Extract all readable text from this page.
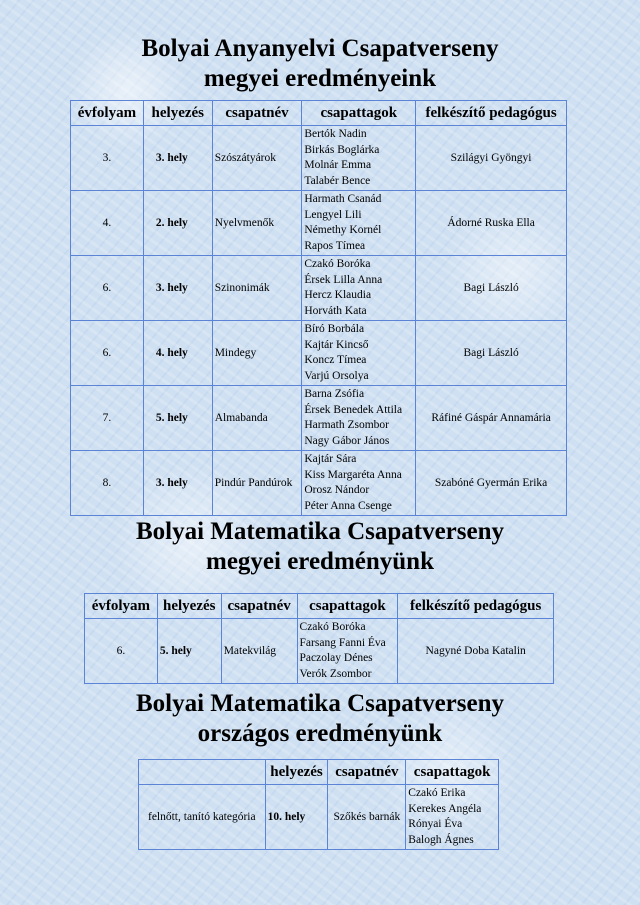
Bolyai Anyanyelvi Csapatverseny
megyei eredményeink
évfolyam	helyezés	csapatnév	csapattagok	felkészítő pedagógus
3.	3. hely	Szószátyárok	Bertók Nadin
Birkás Boglárka
Molnár Emma
Talabér Bence	Szilágyi Gyöngyi
4.	2. hely	Nyelvmenők	Harmath Csanád
Lengyel Lili
Némethy Kornél
Rapos Tímea	Ádorné Ruska Ella
6.	3. hely	Szinonimák	Czakó Boróka
Érsek Lilla Anna
Hercz Klaudia
Horváth Kata	Bagi László
6.	4. hely	Mindegy	Bíró Borbála
Kajtár Kincső
Koncz Tímea
Varjú Orsolya	Bagi László
7.	5. hely	Almabanda	Barna Zsófia
Érsek Benedek Attila
Harmath Zsombor
Nagy Gábor János	Ráfiné Gáspár Annamária
8.	3. hely	Pindúr Pandúrok	Kajtár Sára
Kiss Margaréta Anna
Orosz Nándor
Péter Anna Csenge	Szabóné Gyermán Erika
Bolyai Matematika Csapatverseny
megyei eredményünk
évfolyam	helyezés	csapatnév	csapattagok	felkészítő pedagógus
6.	5. hely	Matekvilág	Czakó Boróka
Farsang Fanni Éva
Paczolay Dénes
Verók Zsombor	Nagyné Doba Katalin
Bolyai Matematika Csapatverseny
országos eredményünk
	helyezés	csapatnév	csapattagok
felnőtt, tanító kategória	10. hely	Szőkés barnák	Czakó Erika
Kerekes Angéla
Rónyai Éva
Balogh Ágnes
